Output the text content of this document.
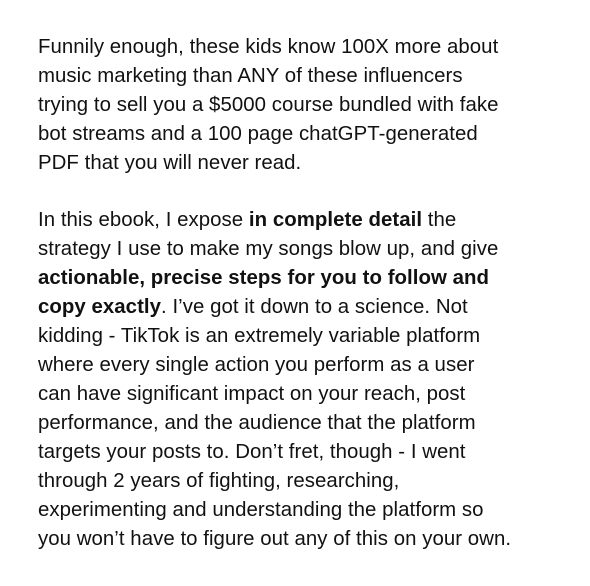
Funnily enough, these kids know 100X more about
music marketing than ANY of these influencers
trying to sell you a $5000 course bundled with fake
bot streams and a 100 page chatGPT-generated
PDF that you will never read.

In this ebook, I expose in complete detail the
strategy I use to make my songs blow up, and give
actionable, precise steps for you to follow and
copy exactly. I’ve got it down to a science. Not
kidding - TikTok is an extremely variable platform
where every single action you perform as a user
can have significant impact on your reach, post
performance, and the audience that the platform
targets your posts to. Don’t fret, though - I went
through 2 years of fighting, researching,
experimenting and understanding the platform so
you won’t have to figure out any of this on your own.
